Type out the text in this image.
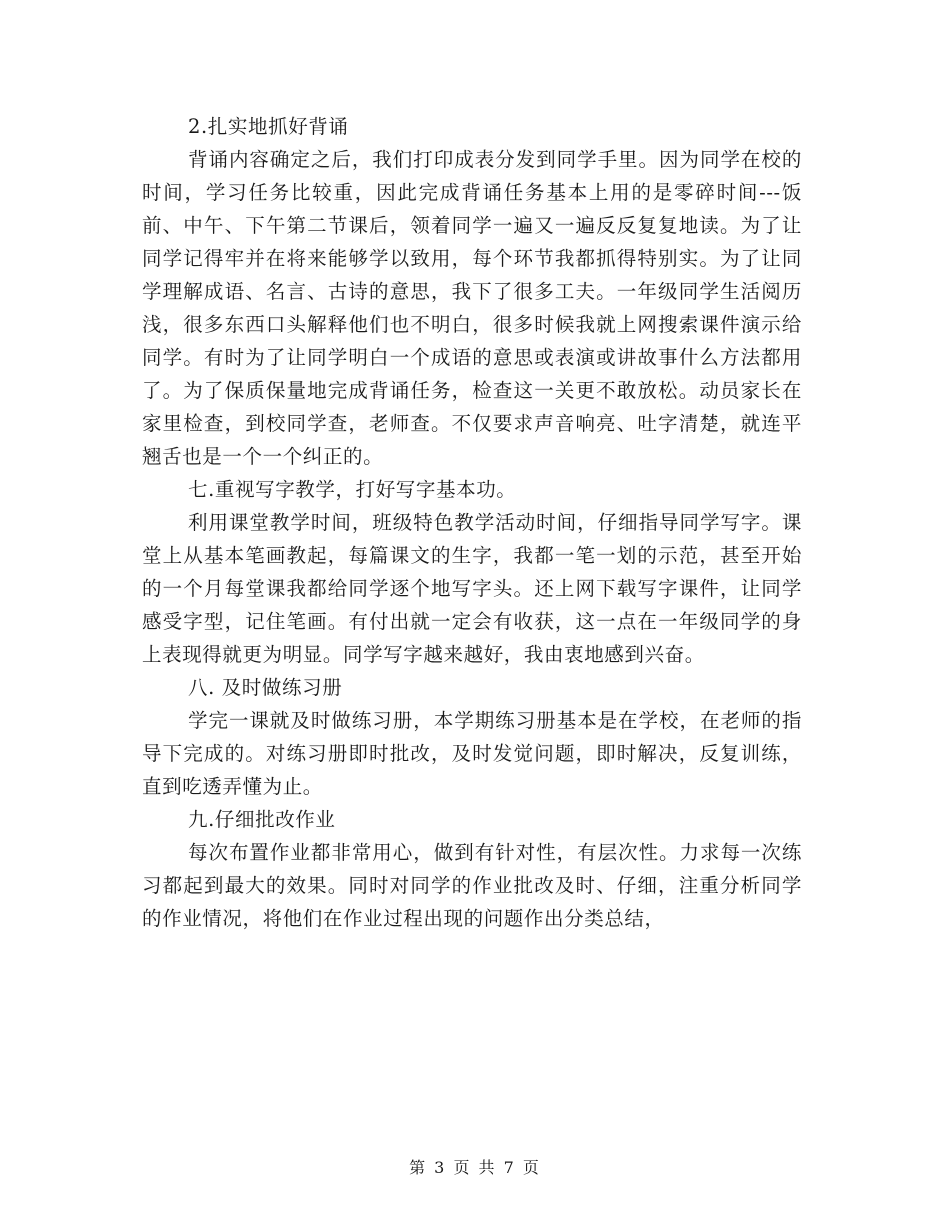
2.扎实地抓好背诵

背诵内容确定之后，我们打印成表分发到同学手里。因为同学在校的时间，学习任务比较重，因此完成背诵任务基本上用的是零碎时间---饭前、中午、下午第二节课后，领着同学一遍又一遍反反复复地读。为了让同学记得牢并在将来能够学以致用，每个环节我都抓得特别实。为了让同学理解成语、名言、古诗的意思，我下了很多工夫。一年级同学生活阅历浅，很多东西口头解释他们也不明白，很多时候我就上网搜索课件演示给同学。有时为了让同学明白一个成语的意思或表演或讲故事什么方法都用了。为了保质保量地完成背诵任务，检查这一关更不敢放松。动员家长在家里检查，到校同学查，老师查。不仅要求声音响亮、吐字清楚，就连平翘舌也是一个一个纠正的。

七.重视写字教学，打好写字基本功。

利用课堂教学时间，班级特色教学活动时间，仔细指导同学写字。课堂上从基本笔画教起，每篇课文的生字，我都一笔一划的示范，甚至开始的一个月每堂课我都给同学逐个地写字头。还上网下载写字课件，让同学感受字型，记住笔画。有付出就一定会有收获，这一点在一年级同学的身上表现得就更为明显。同学写字越来越好，我由衷地感到兴奋。

八. 及时做练习册

学完一课就及时做练习册，本学期练习册基本是在学校，在老师的指导下完成的。对练习册即时批改，及时发觉问题，即时解决，反复训练，直到吃透弄懂为止。

九.仔细批改作业

每次布置作业都非常用心，做到有针对性，有层次性。力求每一次练习都起到最大的效果。同时对同学的作业批改及时、仔细，注重分析同学的作业情况，将他们在作业过程出现的问题作出分类总结，

第 3 页 共 7 页
